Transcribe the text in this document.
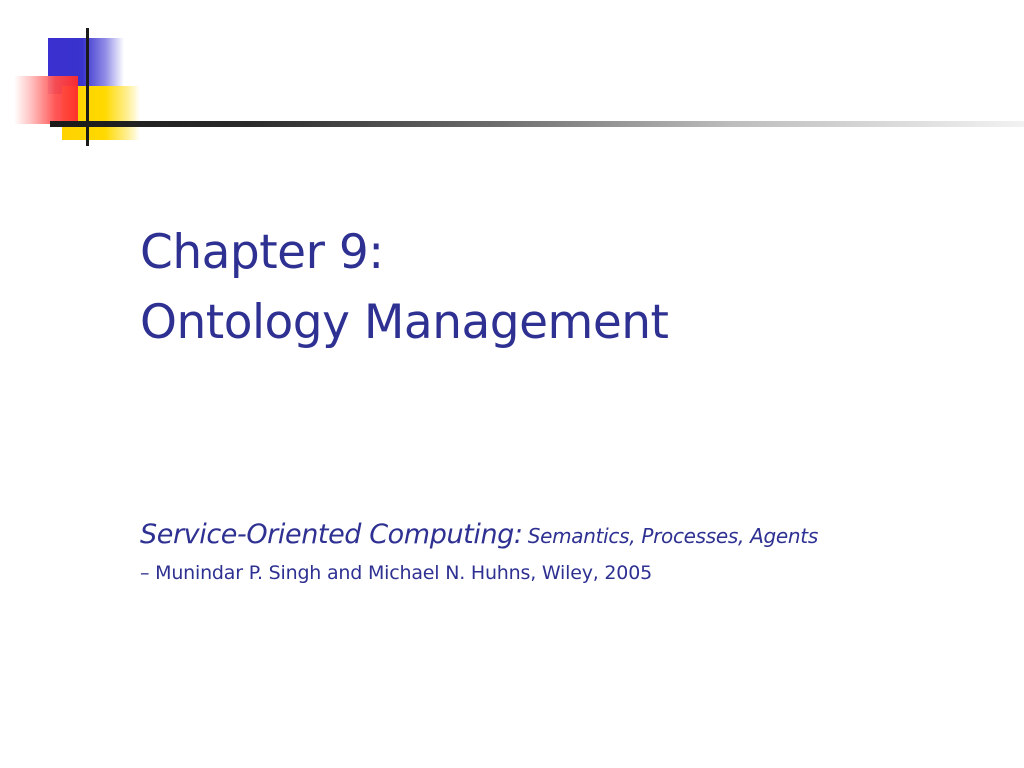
Chapter 9:
Ontology Management
Service-Oriented Computing: Semantics, Processes, Agents
– Munindar P. Singh and Michael N. Huhns, Wiley, 2005
